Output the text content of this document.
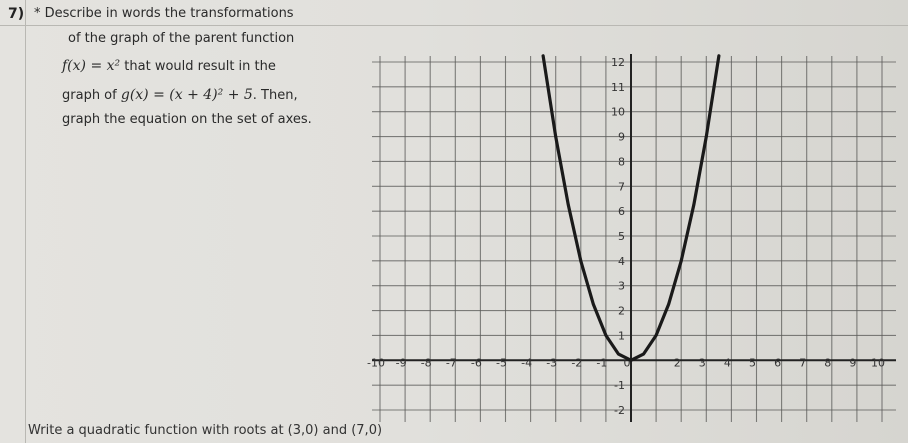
7) * Describe in words the transformations
of the graph of the parent function
f(x) = x² that would result in the
graph of g(x) = (x + 4)² + 5. Then,
graph the equation on the set of axes.
-10 -9 -8 -7 -6 -5 -4 -3 -2 -1 0	2 3 4 5 6 7 8 9 10
12
11
10
9
8
7
6
5
4
3
2
1
-1
-2
Write a quadratic function with roots at (3,0) and (7,0)
